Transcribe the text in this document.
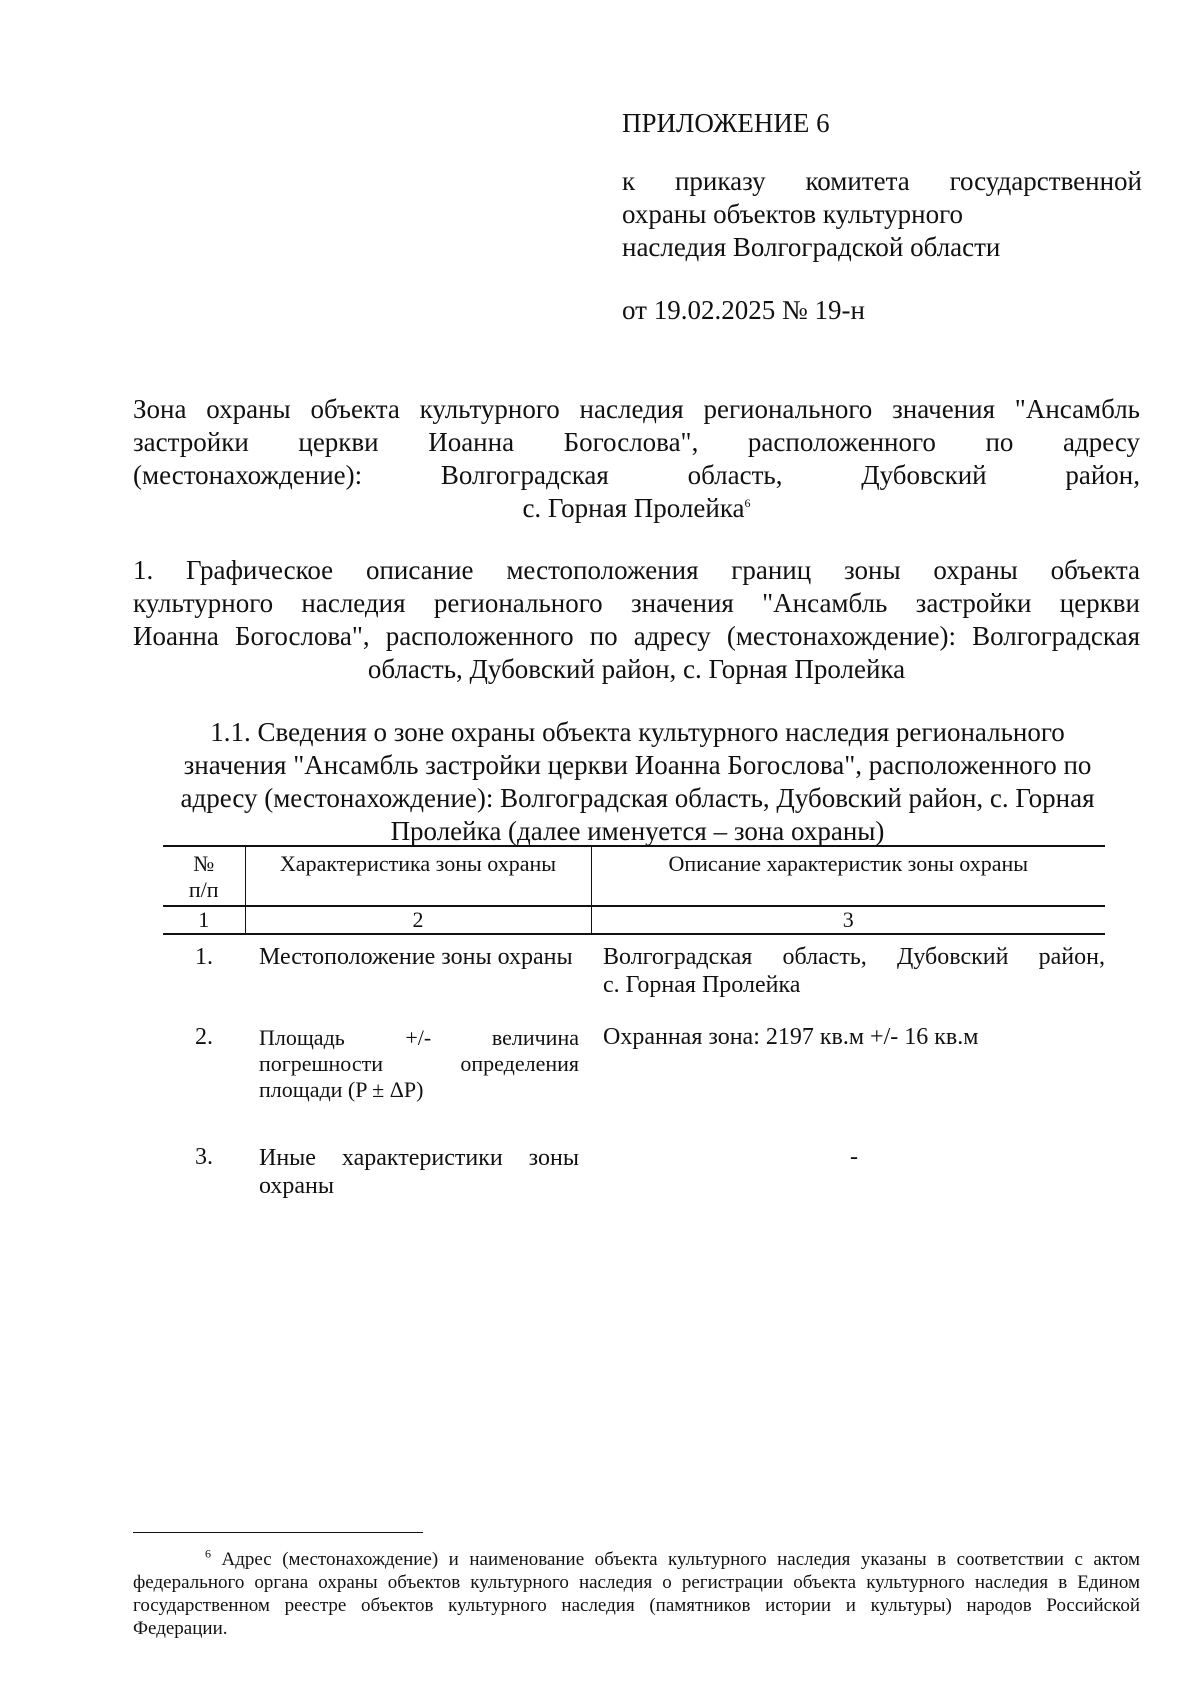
ПРИЛОЖЕНИЕ 6
к приказу комитета государственной
охраны объектов культурного
наследия Волгоградской области
от 19.02.2025 № 19-н
Зона охраны объекта культурного наследия регионального значения "Ансамбль
застройки церкви Иоанна Богослова", расположенного по адресу
(местонахождение): Волгоградская область, Дубовский район,
с. Горная Пролейка$^6$
1. Графическое описание местоположения границ зоны охраны объекта
культурного наследия регионального значения "Ансамбль застройки церкви
Иоанна Богослова", расположенного по адресу (местонахождение): Волгоградская
область, Дубовский район, с. Горная Пролейка
1.1. Сведения о зоне охраны объекта культурного наследия регионального
значения "Ансамбль застройки церкви Иоанна Богослова", расположенного по
адресу (местонахождение): Волгоградская область, Дубовский район, с. Горная
Пролейка (далее именуется – зона охраны)
№ п/п	Характеристика зоны охраны	Описание характеристик зоны охраны
1	2	3
1.	Местоположение зоны охраны	Волгоградская область, Дубовский район,
с. Горная Пролейка
2.	Площадь +/- величина
погрешности определения
площади (P ± ΔP)	Охранная зона: 2197 кв.м +/- 16 кв.м
3.	Иные характеристики зоны
охраны	-
$^6$ Адрес (местонахождение) и наименование объекта культурного наследия указаны в соответствии с актом
федерального органа охраны объектов культурного наследия о регистрации объекта культурного наследия в Едином
государственном реестре объектов культурного наследия (памятников истории и культуры) народов Российской
Федерации.
